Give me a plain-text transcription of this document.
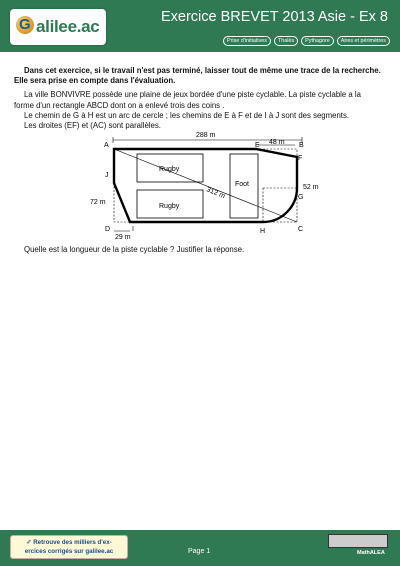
G
alilee.ac	Exercice BREVET 2013 Asie - Ex 8
Prise d'initiatives	Thalès	Pythagore	Aires et périmètres

Dans cet exercice, si le travail n'est pas terminé, laisser tout de même une trace de la recherche.

Elle sera prise en compte dans l'évaluation.

La ville BONVIVRE possède une plaine de jeux bordée d'une piste cyclable. La piste cyclable a la

forme d'un rectangle ABCD dont on a enlevé trois des coins .

Le chemin de G à H est un arc de cercle ; les chemins de E à F et de I à J sont des segments.

Les droites (EF) et (AC) sont parallèles.

288 m
48 m
312 m
Rugby
Rugby
Foot	52 m
72 m
29 m
A	B
C
D
E
F
G
H
I
J
Quelle est la longueur de la piste cyclable ? Justifier la réponse.
✐ Retrouve des milliers d'ex-
ercices corrigés sur galilee.ac	Page 1	MathALEA
